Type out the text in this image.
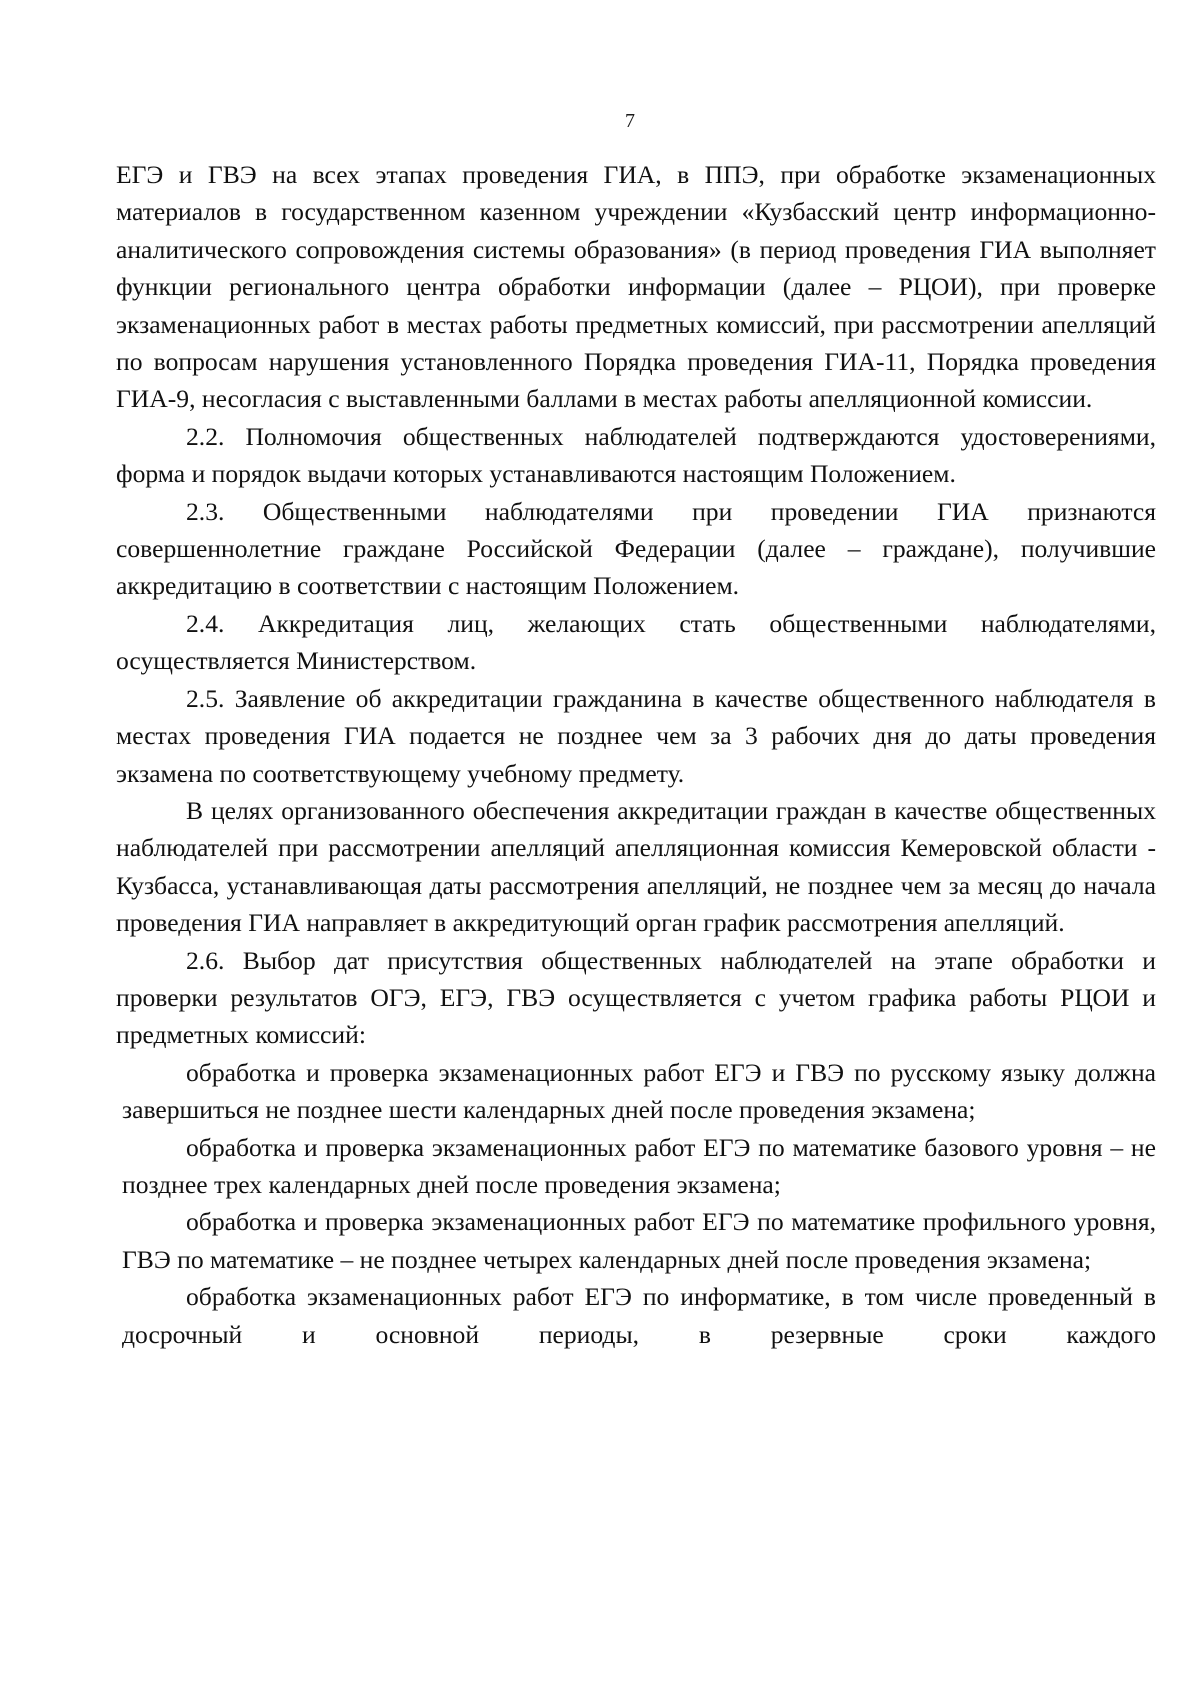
7

ЕГЭ и ГВЭ на всех этапах проведения ГИА, в ППЭ, при обработке экзаменационных материалов в государственном казенном учреждении «Кузбасский центр информационно-аналитического сопровождения системы образования» (в период проведения ГИА выполняет функции регионального центра обработки информации (далее – РЦОИ), при проверке экзаменационных работ в местах работы предметных комиссий, при рассмотрении апелляций по вопросам нарушения установленного Порядка проведения ГИА-11, Порядка проведения ГИА-9, несогласия с выставленными баллами в местах работы апелляционной комиссии.

2.2. Полномочия общественных наблюдателей подтверждаются удостоверениями, форма и порядок выдачи которых устанавливаются настоящим Положением.

2.3. Общественными наблюдателями при проведении ГИА признаются совершеннолетние граждане Российской Федерации (далее – граждане), получившие аккредитацию в соответствии с настоящим Положением.

2.4. Аккредитация лиц, желающих стать общественными наблюдателями, осуществляется Министерством.

2.5. Заявление об аккредитации гражданина в качестве общественного наблюдателя в местах проведения ГИА подается не позднее чем за 3 рабочих дня до даты проведения экзамена по соответствующему учебному предмету.

В целях организованного обеспечения аккредитации граждан в качестве общественных наблюдателей при рассмотрении апелляций апелляционная комиссия Кемеровской области - Кузбасса, устанавливающая даты рассмотрения апелляций, не позднее чем за месяц до начала проведения ГИА направляет в аккредитующий орган график рассмотрения апелляций.

2.6. Выбор дат присутствия общественных наблюдателей на этапе обработки и проверки результатов ОГЭ, ЕГЭ, ГВЭ осуществляется с учетом графика работы РЦОИ и предметных комиссий:

обработка и проверка экзаменационных работ ЕГЭ и ГВЭ по русскому языку должна завершиться не позднее шести календарных дней после проведения экзамена;

обработка и проверка экзаменационных работ ЕГЭ по математике базового уровня – не позднее трех календарных дней после проведения экзамена;

обработка и проверка экзаменационных работ ЕГЭ по математике профильного уровня, ГВЭ по математике – не позднее четырех календарных дней после проведения экзамена;

обработка экзаменационных работ ЕГЭ по информатике, в том числе проведенный в досрочный и основной периоды, в резервные сроки каждого
